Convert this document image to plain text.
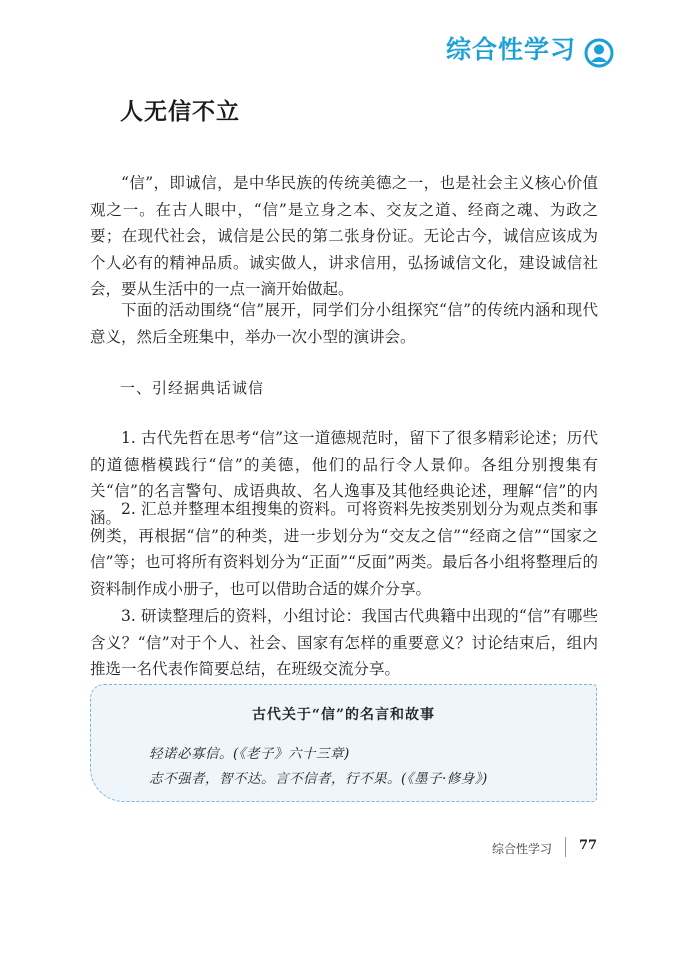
综合性学习
人无信不立

“信”，即诚信，是中华民族的传统美德之一，也是社会主义核心价值观之一。在古人眼中，“信”是立身之本、交友之道、经商之魂、为政之要；在现代社会，诚信是公民的第二张身份证。无论古今，诚信应该成为个人必有的精神品质。诚实做人，讲求信用，弘扬诚信文化，建设诚信社会，要从生活中的一点一滴开始做起。

下面的活动围绕“信”展开，同学们分小组探究“信”的传统内涵和现代意义，然后全班集中，举办一次小型的演讲会。

一、引经据典话诚信

1. 古代先哲在思考“信”这一道德规范时，留下了很多精彩论述；历代的道德楷模践行“信”的美德，他们的品行令人景仰。各组分别搜集有关“信”的名言警句、成语典故、名人逸事及其他经典论述，理解“信”的内涵。 2. 汇总并整理本组搜集的资料。可将资料先按类别划分为观点类和事例类，再根据“信”的种类，进一步划分为“交友之信”“经商之信”“国家之信”等；也可将所有资料划分为“正面”“反面”两类。最后各小组将整理后的资料制作成小册子，也可以借助合适的媒介分享。

3. 研读整理后的资料，小组讨论：我国古代典籍中出现的“信”有哪些含义？“信”对于个人、社会、国家有怎样的重要意义？讨论结束后，组内推选一名代表作简要总结，在班级交流分享。

古代关于“信”的名言和故事
轻诺必寡信。(《老子》六十三章)
志不强者，智不达。言不信者，行不果。(《墨子·修身》)
综合性学习 77
